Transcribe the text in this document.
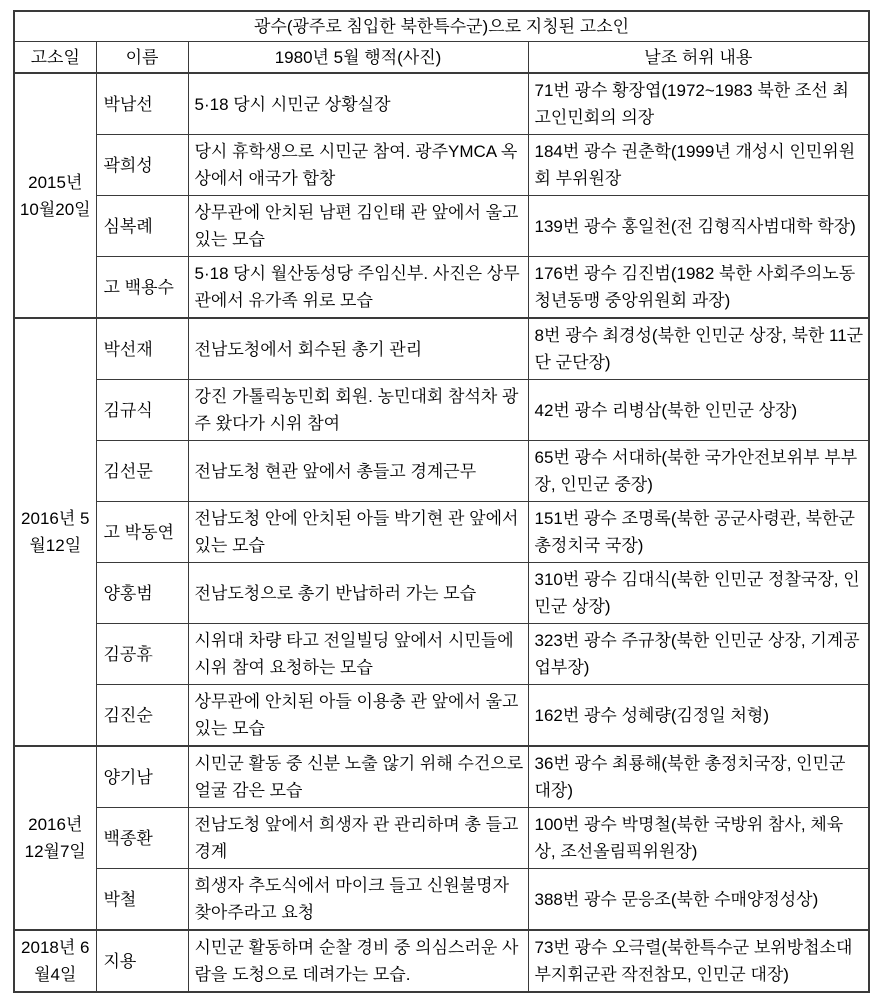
광수(광주로 침입한 북한특수군)으로 지칭된 고소인			
고소일	이름	1980년 5월 행적(사진)	날조 허위 내용
2015년 10월20일	박남선	5·18 당시 시민군 상황실장	71번 광수 황장엽(1972~1983 북한 조선 최고인민회의 의장
	곽희성	당시 휴학생으로 시민군 참여. 광주YMCA 옥상에서 애국가 합창	184번 광수 권춘학(1999년 개성시 인민위원회 부위원장
	심복례	상무관에 안치된 남편 김인태 관 앞에서 울고 있는 모습	139번 광수 홍일천(전 김형직사범대학 학장)
	고 백용수	5·18 당시 월산동성당 주임신부. 사진은 상무관에서 유가족 위로 모습	176번 광수 김진범(1982 북한 사회주의노동청년동맹 중앙위원회 과장)
2016년 5월12일	박선재	전남도청에서 회수된 총기 관리	8번 광수 최경성(북한 인민군 상장, 북한 11군단 군단장)
	김규식	강진 가톨릭농민회 회원. 농민대회 참석차 광주 왔다가 시위 참여	42번 광수 리병삼(북한 인민군 상장)
	김선문	전남도청 현관 앞에서 총들고 경계근무	65번 광수 서대하(북한 국가안전보위부 부부장, 인민군 중장)
	고 박동연	전남도청 안에 안치된 아들 박기현 관 앞에서 있는 모습	151번 광수 조명록(북한 공군사령관, 북한군 총정치국 국장)
	양홍범	전남도청으로 총기 반납하러 가는 모습	310번 광수 김대식(북한 인민군 정찰국장, 인민군 상장)
	김공휴	시위대 차량 타고 전일빌딩 앞에서 시민들에 시위 참여 요청하는 모습	323번 광수 주규창(북한 인민군 상장, 기계공업부장)
	김진순	상무관에 안치된 아들 이용충 관 앞에서 울고 있는 모습	162번 광수 성혜량(김정일 처형)
2016년 12월7일	양기남	시민군 활동 중 신분 노출 않기 위해 수건으로 얼굴 감은 모습	36번 광수 최룡해(북한 총정치국장, 인민군 대장)
	백종환	전남도청 앞에서 희생자 관 관리하며 총 들고 경계	100번 광수 박명철(북한 국방위 참사, 체육상, 조선올림픽위원장)
	박철	희생자 추도식에서 마이크 들고 신원불명자 찾아주라고 요청	388번 광수 문응조(북한 수매양정성상)
2018년 6월4일	지용	시민군 활동하며 순찰 경비 중 의심스러운 사람을 도청으로 데려가는 모습.	73번 광수 오극렬(북한특수군 보위방첩소대 부지휘군관 작전참모, 인민군 대장)
